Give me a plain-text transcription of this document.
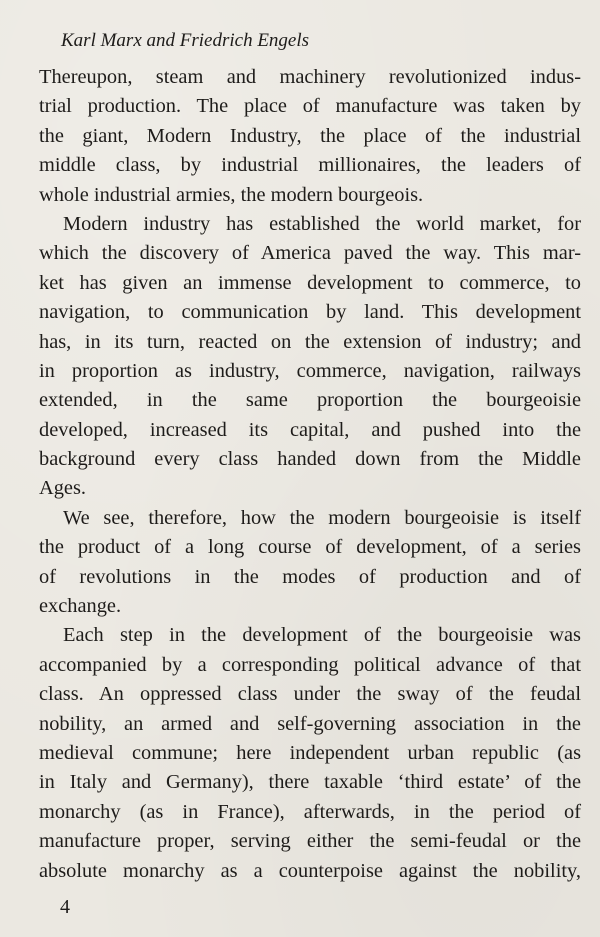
Karl Marx and Friedrich Engels
Thereupon, steam and machinery revolutionized indus-
trial production. The place of manufacture was taken by
the giant, Modern Industry, the place of the industrial
middle class, by industrial millionaires, the leaders of
whole industrial armies, the modern bourgeois.
Modern industry has established the world market, for
which the discovery of America paved the way. This mar-
ket has given an immense development to commerce, to
navigation, to communication by land. This development
has, in its turn, reacted on the extension of industry; and
in proportion as industry, commerce, navigation, railways
extended, in the same proportion the bourgeoisie
developed, increased its capital, and pushed into the
background every class handed down from the Middle
Ages.
We see, therefore, how the modern bourgeoisie is itself
the product of a long course of development, of a series
of revolutions in the modes of production and of
exchange.
Each step in the development of the bourgeoisie was
accompanied by a corresponding political advance of that
class. An oppressed class under the sway of the feudal
nobility, an armed and self-governing association in the
medieval commune; here independent urban republic (as
in Italy and Germany), there taxable ‘third estate’ of the
monarchy (as in France), afterwards, in the period of
manufacture proper, serving either the semi-feudal or the
absolute monarchy as a counterpoise against the nobility,
4
